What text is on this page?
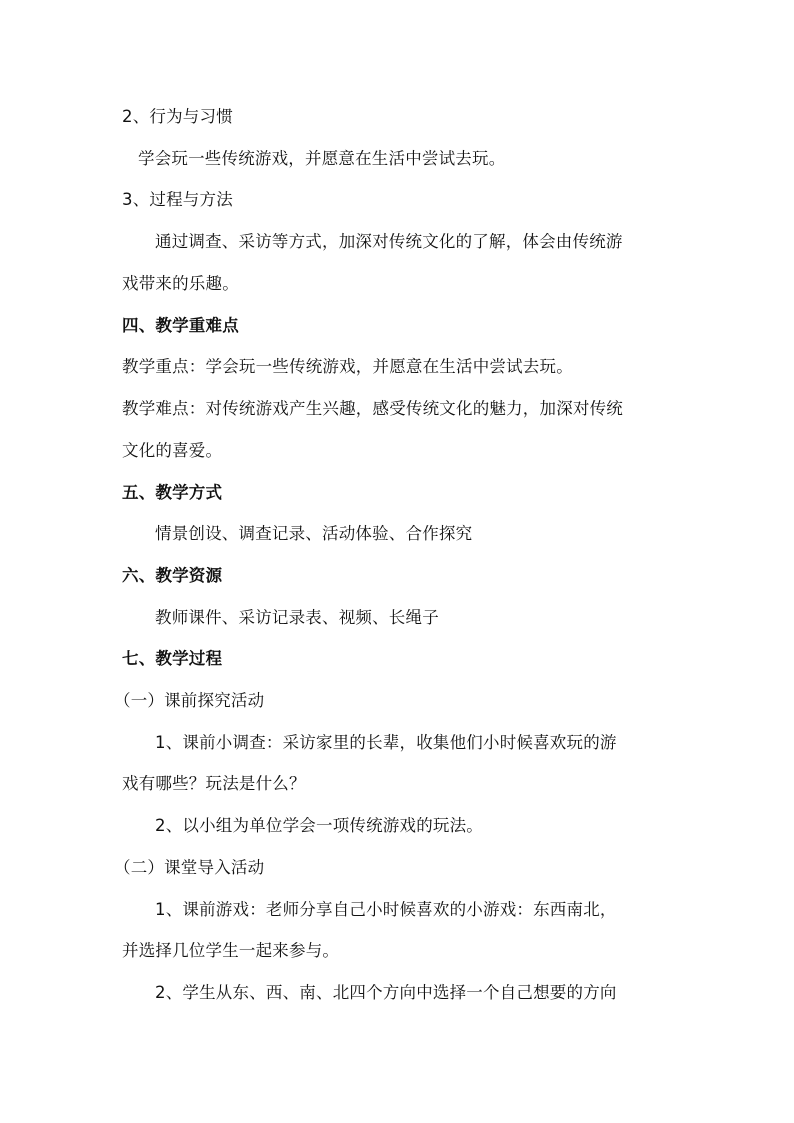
2、行为与习惯
学会玩一些传统游戏，并愿意在生活中尝试去玩。
3、过程与方法
通过调查、采访等方式，加深对传统文化的了解，体会由传统游
戏带来的乐趣。
四、教学重难点
教学重点：学会玩一些传统游戏，并愿意在生活中尝试去玩。
教学难点：对传统游戏产生兴趣，感受传统文化的魅力，加深对传统
文化的喜爱。
五、教学方式
情景创设、调查记录、活动体验、合作探究
六、教学资源
教师课件、采访记录表、视频、长绳子
七、教学过程
（一）课前探究活动
1、课前小调查：采访家里的长辈，收集他们小时候喜欢玩的游
戏有哪些？玩法是什么？
2、以小组为单位学会一项传统游戏的玩法。
（二）课堂导入活动
1、课前游戏：老师分享自己小时候喜欢的小游戏：东西南北，
并选择几位学生一起来参与。
2、学生从东、西、南、北四个方向中选择一个自己想要的方向
